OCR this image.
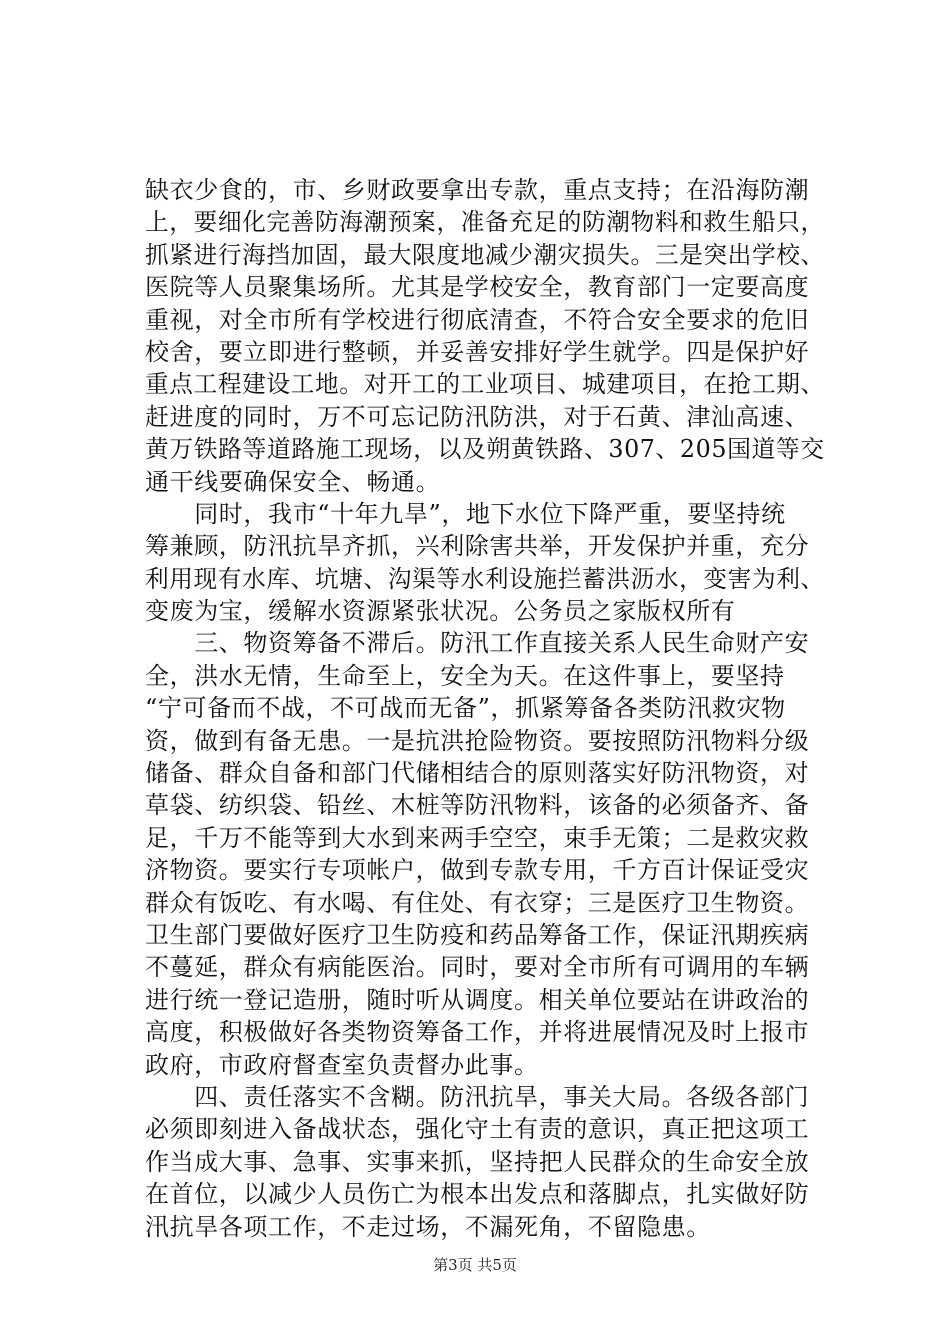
缺衣少食的，市、乡财政要拿出专款，重点支持；在沿海防潮
上，要细化完善防海潮预案，准备充足的防潮物料和救生船只，
抓紧进行海挡加固，最大限度地减少潮灾损失。三是突出学校、
医院等人员聚集场所。尤其是学校安全，教育部门一定要高度
重视，对全市所有学校进行彻底清查，不符合安全要求的危旧
校舍，要立即进行整顿，并妥善安排好学生就学。四是保护好
重点工程建设工地。对开工的工业项目、城建项目，在抢工期、
赶进度的同时，万不可忘记防汛防洪，对于石黄、津汕高速、
黄万铁路等道路施工现场，以及朔黄铁路、307、205国道等交
通干线要确保安全、畅通。
　　同时，我市“十年九旱”，地下水位下降严重，要坚持统
筹兼顾，防汛抗旱齐抓，兴利除害共举，开发保护并重，充分
利用现有水库、坑塘、沟渠等水利设施拦蓄洪沥水，变害为利、
变废为宝，缓解水资源紧张状况。公务员之家版权所有
　　三、物资筹备不滞后。防汛工作直接关系人民生命财产安
全，洪水无情，生命至上，安全为天。在这件事上，要坚持
“宁可备而不战，不可战而无备”，抓紧筹备各类防汛救灾物
资，做到有备无患。一是抗洪抢险物资。要按照防汛物料分级
储备、群众自备和部门代储相结合的原则落实好防汛物资，对
草袋、纺织袋、铅丝、木桩等防汛物料，该备的必须备齐、备
足，千万不能等到大水到来两手空空，束手无策；二是救灾救
济物资。要实行专项帐户，做到专款专用，千方百计保证受灾
群众有饭吃、有水喝、有住处、有衣穿；三是医疗卫生物资。
卫生部门要做好医疗卫生防疫和药品筹备工作，保证汛期疾病
不蔓延，群众有病能医治。同时，要对全市所有可调用的车辆
进行统一登记造册，随时听从调度。相关单位要站在讲政治的
高度，积极做好各类物资筹备工作，并将进展情况及时上报市
政府，市政府督查室负责督办此事。
　　四、责任落实不含糊。防汛抗旱，事关大局。各级各部门
必须即刻进入备战状态，强化守土有责的意识，真正把这项工
作当成大事、急事、实事来抓，坚持把人民群众的生命安全放
在首位，以减少人员伤亡为根本出发点和落脚点，扎实做好防
汛抗旱各项工作，不走过场，不漏死角，不留隐患。
第3页 共5页
